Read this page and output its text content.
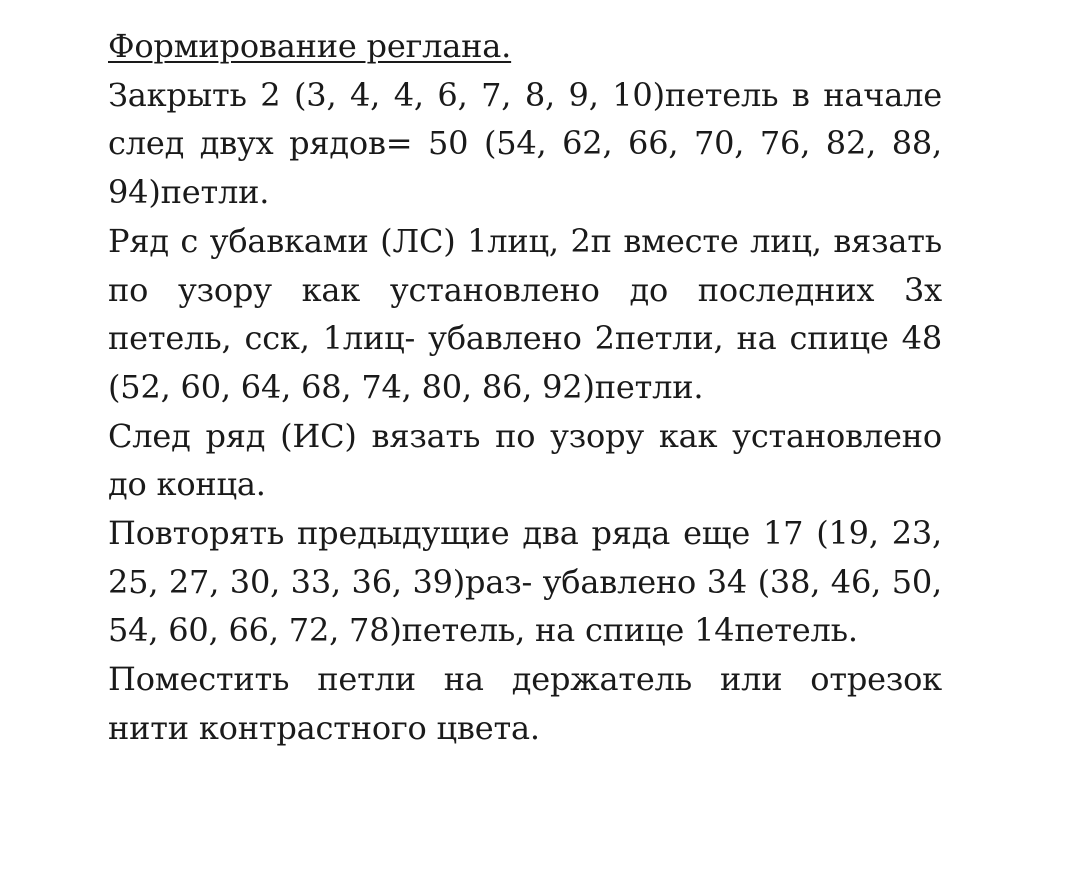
Формирование реглана.

Закрыть 2 (3, 4, 4, 6, 7, 8, 9, 10)петель в начале след двух рядов= 50 (54, 62, 66, 70, 76, 82, 88, 94)петли.

Ряд с убавками (ЛС) 1лиц, 2п вместе лиц, вязать по узору как установлено до последних 3х петель, сск, 1лиц- убавлено 2петли, на спице 48 (52, 60, 64, 68, 74, 80, 86, 92)петли.

След ряд (ИС) вязать по узору как установлено до конца.

Повторять предыдущие два ряда еще 17 (19, 23, 25, 27, 30, 33, 36, 39)раз- убавлено 34 (38, 46, 50, 54, 60, 66, 72, 78)петель, на спице 14петель.

Поместить петли на держатель или отрезок нити контрастного цвета.
